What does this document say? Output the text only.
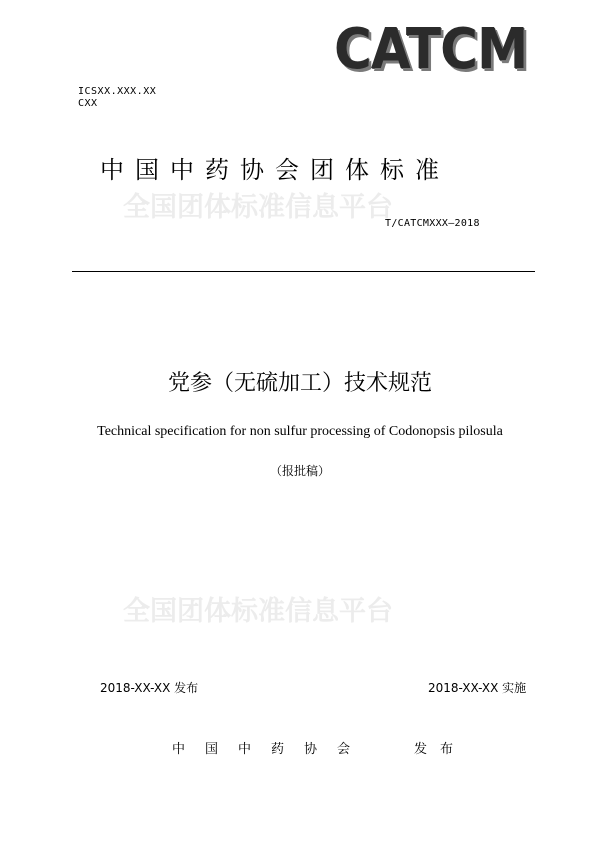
全国团体标准信息平台
全国团体标准信息平台
CATCM
ICSXX.XXX.XX
CXX
中国中药协会团体标准
T/CATCMXXX—2018
党参（无硫加工）技术规范
Technical specification for non sulfur processing of Codonopsis pilosula
（报批稿）
2018-XX-XX 发布	2018-XX-XX 实施
中国中药协会	发布
